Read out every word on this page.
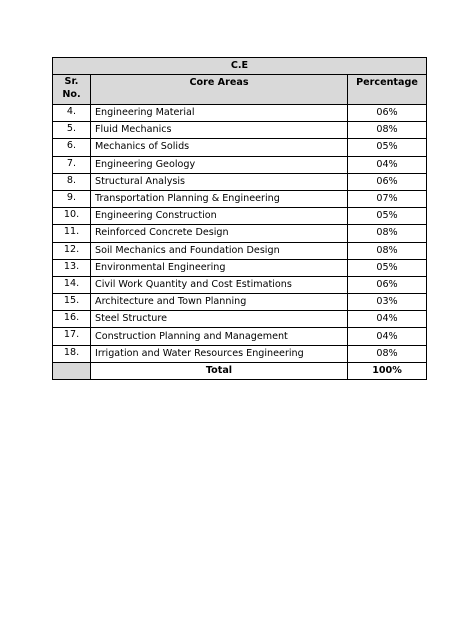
C.E		
Sr.
No.	Core Areas	Percentage
4.	Engineering Material	06%
5.	Fluid Mechanics	08%
6.	Mechanics of Solids	05%
7.	Engineering Geology	04%
8.	Structural Analysis	06%
9.	Transportation Planning & Engineering	07%
10.	Engineering Construction	05%
11.	Reinforced Concrete Design	08%
12.	Soil Mechanics and Foundation Design	08%
13.	Environmental Engineering	05%
14.	Civil Work Quantity and Cost Estimations	06%
15.	Architecture and Town Planning	03%
16.	Steel Structure	04%
17.	Construction Planning and Management	04%
18.	Irrigation and Water Resources Engineering	08%
	Total	100%
